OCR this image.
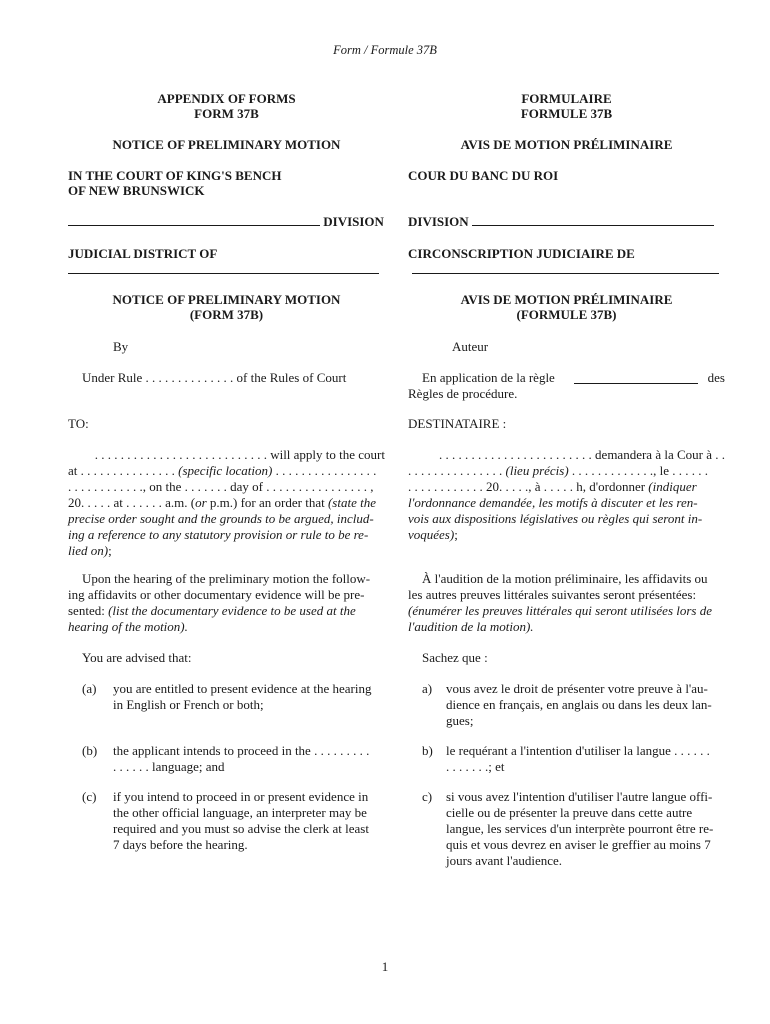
Form / Formule 37B
APPENDIX OF FORMS
FORM 37B
NOTICE OF PRELIMINARY MOTION
IN THE COURT OF KING'S BENCH
OF NEW BRUNSWICK
DIVISION
JUDICIAL DISTRICT OF
NOTICE OF PRELIMINARY MOTION
(FORM 37B)
By
Under Rule . . . . . . . . . . . . . . of the Rules of Court
TO:
. . . . . . . . . . . . . . . . . . . . . . . . . . . will apply to the court
at . . . . . . . . . . . . . . . (specific location) . . . . . . . . . . . . . . . .
. . . . . . . . . . . ., on the . . . . . . . day of . . . . . . . . . . . . . . . . ,
20. . . . . at . . . . . . a.m. (or p.m.) for an order that (state the
precise order sought and the grounds to be argued, includ-
ing a reference to any statutory provision or rule to be re-
lied on);
Upon the hearing of the preliminary motion the follow-
ing affidavits or other documentary evidence will be pre-
sented: (list the documentary evidence to be used at the
hearing of the motion).
You are advised that:
(a) you are entitled to present evidence at the hearing
in English or French or both;
(b) the applicant intends to proceed in the . . . . . . . . .
. . . . . . language; and
(c) if you intend to proceed in or present evidence in
the other official language, an interpreter may be
required and you must so advise the clerk at least
7 days before the hearing.
FORMULAIRE
FORMULE 37B
AVIS DE MOTION PRÉLIMINAIRE
COUR DU BANC DU ROI
DIVISION
CIRCONSCRIPTION JUDICIAIRE DE
AVIS DE MOTION PRÉLIMINAIRE
(FORMULE 37B)
Auteur
En application de la règle	des
Règles de procédure.
DESTINATAIRE :
. . . . . . . . . . . . . . . . . . . . . . . . demandera à la Cour à . .
. . . . . . . . . . . . . . . (lieu précis) . . . . . . . . . . . . ., le . . . . . .
. . . . . . . . . . . . 20. . . . ., à . . . . . h, d'ordonner (indiquer
l'ordonnance demandée, les motifs à discuter et les ren-
vois aux dispositions législatives ou règles qui seront in-
voquées);
À l'audition de la motion préliminaire, les affidavits ou
les autres preuves littérales suivantes seront présentées:
(énumérer les preuves littérales qui seront utilisées lors de
l'audition de la motion).
Sachez que :
a) vous avez le droit de présenter votre preuve à l'au-
dience en français, en anglais ou dans les deux lan-
gues;
b) le requérant a l'intention d'utiliser la langue . . . . . .
. . . . . . .; et
c) si vous avez l'intention d'utiliser l'autre langue offi-
cielle ou de présenter la preuve dans cette autre
langue, les services d'un interprète pourront être re-
quis et vous devrez en aviser le greffier au moins 7
jours avant l'audience.
1
